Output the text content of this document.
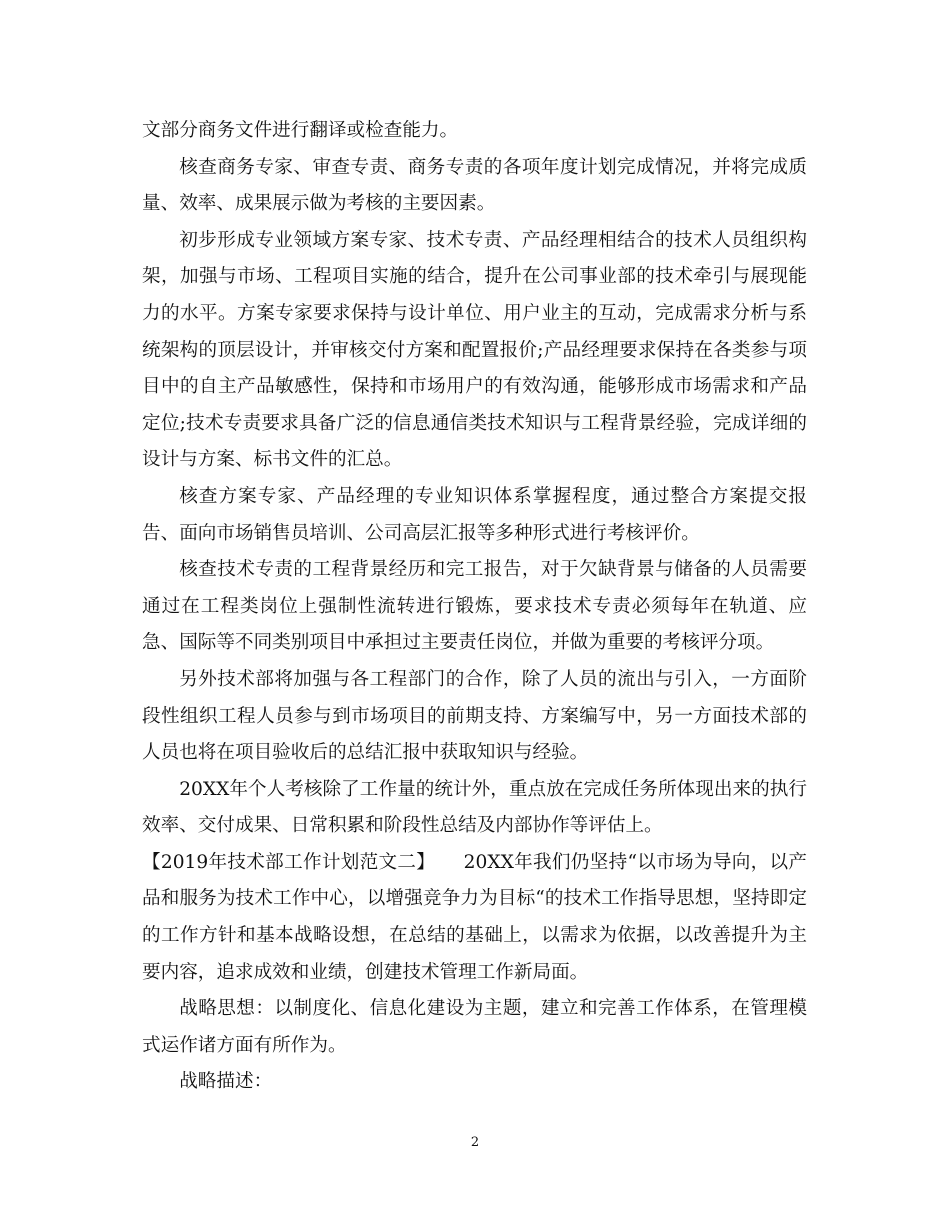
文部分商务文件进行翻译或检查能力。

核查商务专家、审查专责、商务专责的各项年度计划完成情况，并将完成质量、效率、成果展示做为考核的主要因素。

初步形成专业领域方案专家、技术专责、产品经理相结合的技术人员组织构架，加强与市场、工程项目实施的结合，提升在公司事业部的技术牵引与展现能力的水平。方案专家要求保持与设计单位、用户业主的互动，完成需求分析与系统架构的顶层设计，并审核交付方案和配置报价;产品经理要求保持在各类参与项目中的自主产品敏感性，保持和市场用户的有效沟通，能够形成市场需求和产品定位;技术专责要求具备广泛的信息通信类技术知识与工程背景经验，完成详细的设计与方案、标书文件的汇总。

核查方案专家、产品经理的专业知识体系掌握程度，通过整合方案提交报告、面向市场销售员培训、公司高层汇报等多种形式进行考核评价。

核查技术专责的工程背景经历和完工报告，对于欠缺背景与储备的人员需要通过在工程类岗位上强制性流转进行锻炼，要求技术专责必须每年在轨道、应急、国际等不同类别项目中承担过主要责任岗位，并做为重要的考核评分项。

另外技术部将加强与各工程部门的合作，除了人员的流出与引入，一方面阶段性组织工程人员参与到市场项目的前期支持、方案编写中，另一方面技术部的人员也将在项目验收后的总结汇报中获取知识与经验。

20XX年个人考核除了工作量的统计外，重点放在完成任务所体现出来的执行效率、交付成果、日常积累和阶段性总结及内部协作等评估上。

【2019年技术部工作计划范文二】　　20XX年我们仍坚持“以市场为导向，以产品和服务为技术工作中心，以增强竞争力为目标“的技术工作指导思想，坚持即定的工作方针和基本战略设想，在总结的基础上，以需求为依据，以改善提升为主要内容，追求成效和业绩，创建技术管理工作新局面。

战略思想：以制度化、信息化建设为主题，建立和完善工作体系，在管理模式运作诸方面有所作为。

战略描述：

2
